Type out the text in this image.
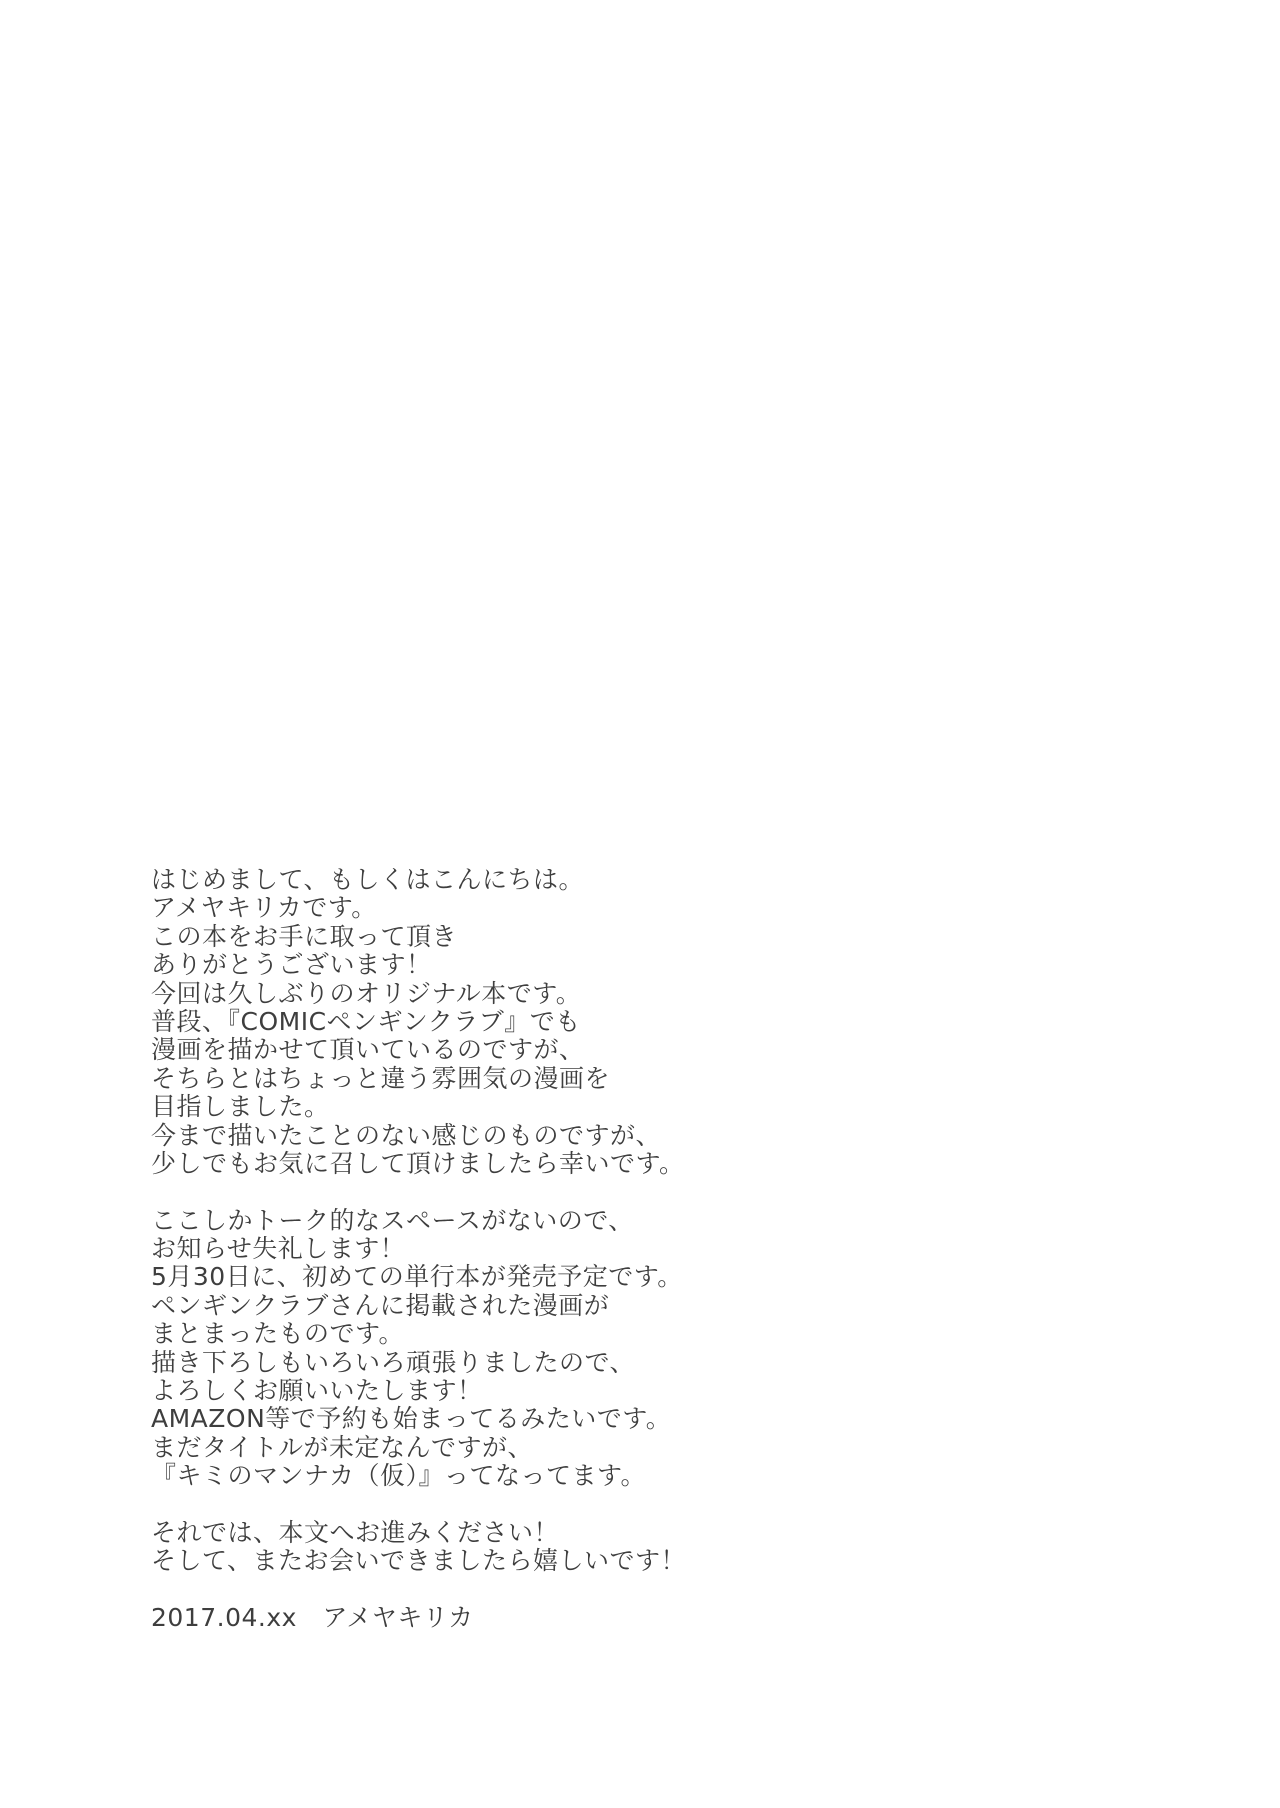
はじめまして、もしくはこんにちは。
アメヤキリカです。
この本をお手に取って頂き
ありがとうございます！
今回は久しぶりのオリジナル本です。
普段、『COMICペンギンクラブ』でも
漫画を描かせて頂いているのですが、
そちらとはちょっと違う雰囲気の漫画を
目指しました。
今まで描いたことのない感じのものですが、
少しでもお気に召して頂けましたら幸いです。
ここしかトーク的なスペースがないので、
お知らせ失礼します！
5月30日に、初めての単行本が発売予定です。
ペンギンクラブさんに掲載された漫画が
まとまったものです。
描き下ろしもいろいろ頑張りましたので、
よろしくお願いいたします！
AMAZON等で予約も始まってるみたいです。
まだタイトルが未定なんですが、
『キミのマンナカ（仮）』ってなってます。
それでは、本文へお進みください！
そして、またお会いできましたら嬉しいです！
2017.04.xx　アメヤキリカ
